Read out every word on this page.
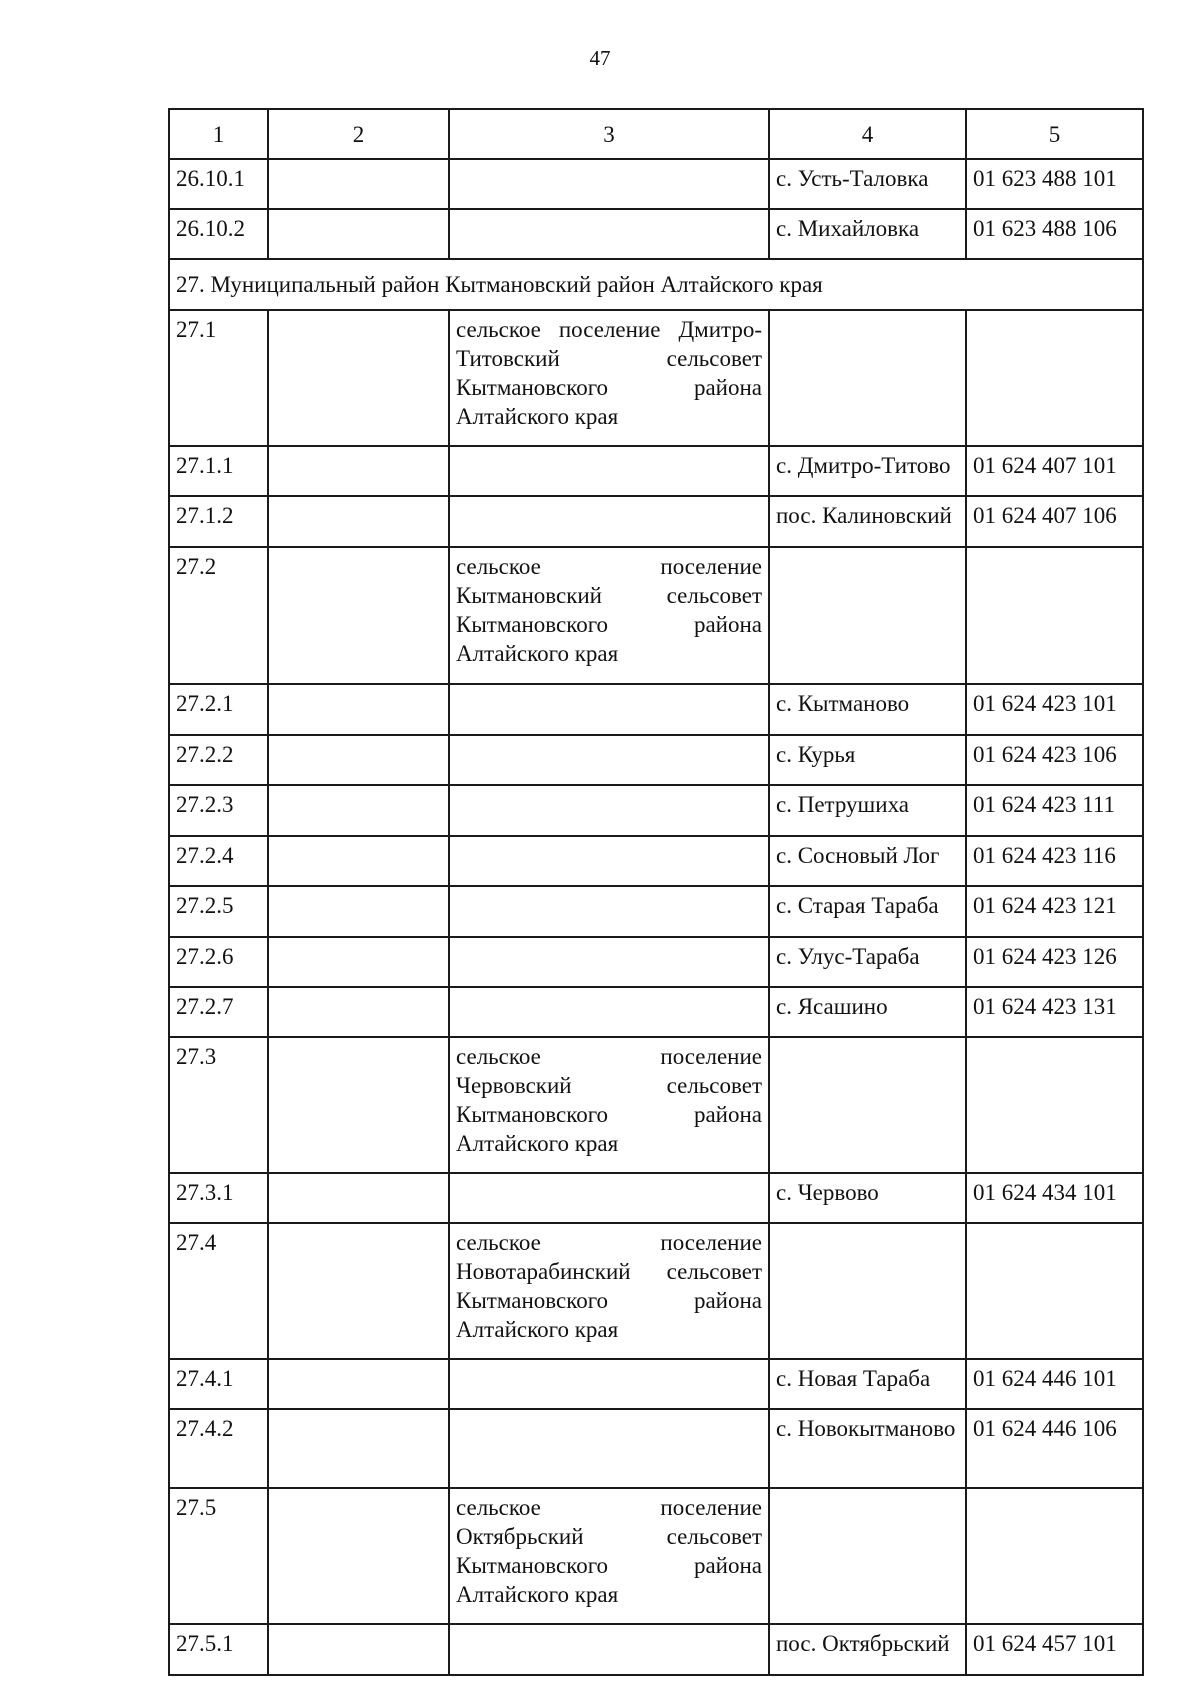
47
1	2	3	4	5
26.10.1			с. Усть-Таловка	01 623 488 101
26.10.2			с. Михайловка	01 623 488 106
27. Муниципальный район Кытмановский район Алтайского края				
27.1		сельское поселение Дмитро-Титовский сельсовет Кытмановского района Алтайского края		
27.1.1			с. Дмитро-Титово	01 624 407 101
27.1.2			пос. Калиновский	01 624 407 106
27.2		сельское поселение Кытмановский сельсовет Кытмановского района Алтайского края		
27.2.1			с. Кытманово	01 624 423 101
27.2.2			с. Курья	01 624 423 106
27.2.3			с. Петрушиха	01 624 423 111
27.2.4			с. Сосновый Лог	01 624 423 116
27.2.5			с. Старая Тараба	01 624 423 121
27.2.6			с. Улус-Тараба	01 624 423 126
27.2.7			с. Ясашино	01 624 423 131
27.3		сельское поселение Червовский сельсовет Кытмановского района Алтайского края		
27.3.1			с. Червово	01 624 434 101
27.4		сельское поселение Новотарабинский сельсовет Кытмановского района Алтайского края		
27.4.1			с. Новая Тараба	01 624 446 101
27.4.2			с. Новокытманово	01 624 446 106
27.5		сельское поселение Октябрьский сельсовет Кытмановского района Алтайского края		
27.5.1			пос. Октябрьский	01 624 457 101
